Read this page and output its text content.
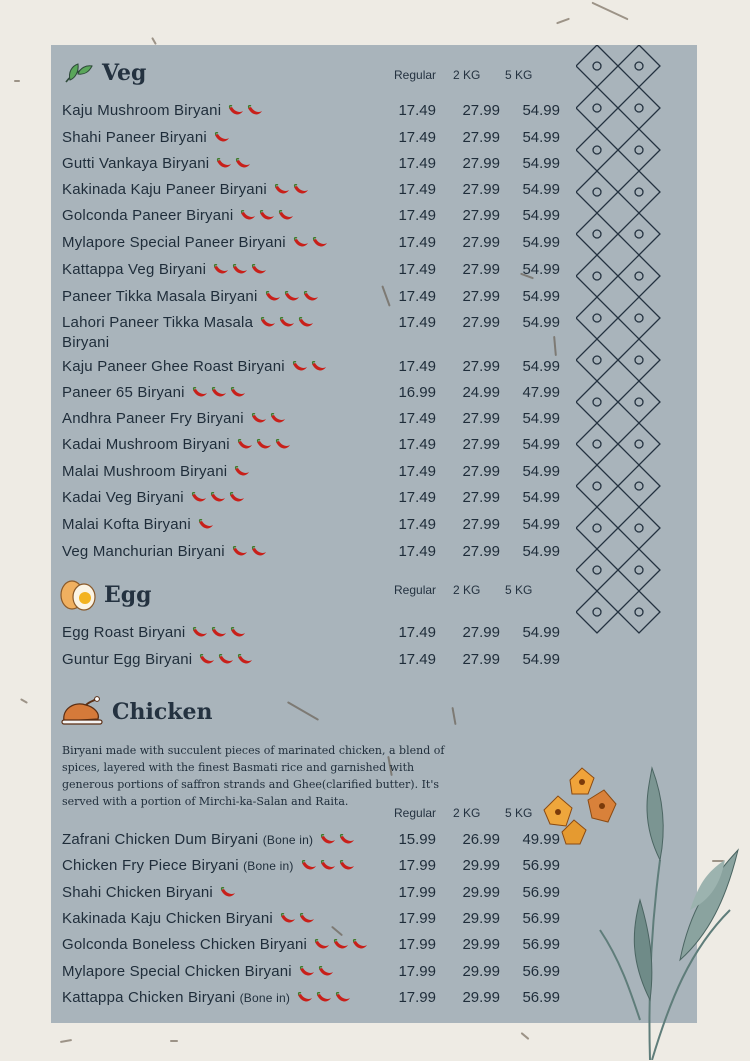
Veg	Regular 2 KG 5 KG
Kaju Mushroom Biryani	17.49	27.99	54.99
Shahi Paneer Biryani	17.49	27.99	54.99
Gutti Vankaya Biryani	17.49	27.99	54.99
Kakinada Kaju Paneer Biryani	17.49	27.99	54.99
Golconda Paneer Biryani	17.49	27.99	54.99
Mylapore Special Paneer Biryani	17.49	27.99	54.99
Kattappa Veg Biryani	17.49	27.99	54.99
Paneer Tikka Masala Biryani	17.49	27.99	54.99
Lahori Paneer Tikka Masala
Biryani
17.49	27.99	54.99
Kaju Paneer Ghee Roast Biryani	17.49	27.99	54.99
Paneer 65 Biryani	16.99	24.99	47.99
Andhra Paneer Fry Biryani	17.49	27.99	54.99
Kadai Mushroom Biryani	17.49	27.99	54.99
Malai Mushroom Biryani	17.49	27.99	54.99
Kadai Veg Biryani	17.49	27.99	54.99
Malai Kofta Biryani	17.49	27.99	54.99
Veg Manchurian Biryani	17.49	27.99	54.99
Egg	Regular 2 KG 5 KG
Egg Roast Biryani	17.49	27.99	54.99
Guntur Egg Biryani	17.49	27.99	54.99
Chicken

Biryani made with succulent pieces of marinated chicken, a blend of spices, layered with the finest Basmati rice and garnished with generous portions of saffron strands and Ghee(clarified butter). It's served with a portion of Mirchi-ka-Salan and Raita.

Regular 2 KG 5 KG
Zafrani Chicken Dum Biryani (Bone in)	15.99	26.99	49.99
Chicken Fry Piece Biryani (Bone in)	17.99	29.99	56.99
Shahi Chicken Biryani	17.99	29.99	56.99
Kakinada Kaju Chicken Biryani	17.99	29.99	56.99
Golconda Boneless Chicken Biryani	17.99	29.99	56.99
Mylapore Special Chicken Biryani	17.99	29.99	56.99
Kattappa Chicken Biryani (Bone in)	17.99	29.99	56.99
